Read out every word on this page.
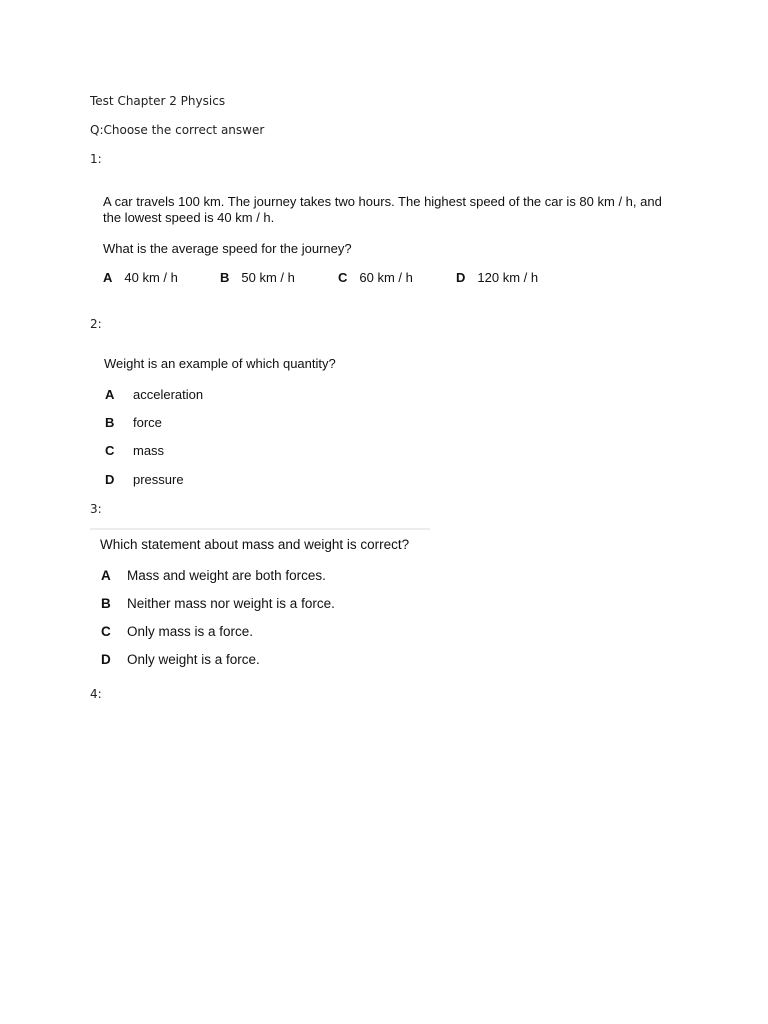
Test Chapter 2 Physics
Q:Choose the correct answer
1:
A car travels 100 km. The journey takes two hours. The highest speed of the car is 80 km / h, and
the lowest speed is 40 km / h.
What is the average speed for the journey?
A 40 km / h	B 50 km / h	C 60 km / h	D 120 km / h
2:
Weight is an example of which quantity?
A	acceleration
B	force
C	mass
D	pressure
3:
Which statement about mass and weight is correct?
A	Mass and weight are both forces.
B	Neither mass nor weight is a force.
C	Only mass is a force.
D	Only weight is a force.
4:
